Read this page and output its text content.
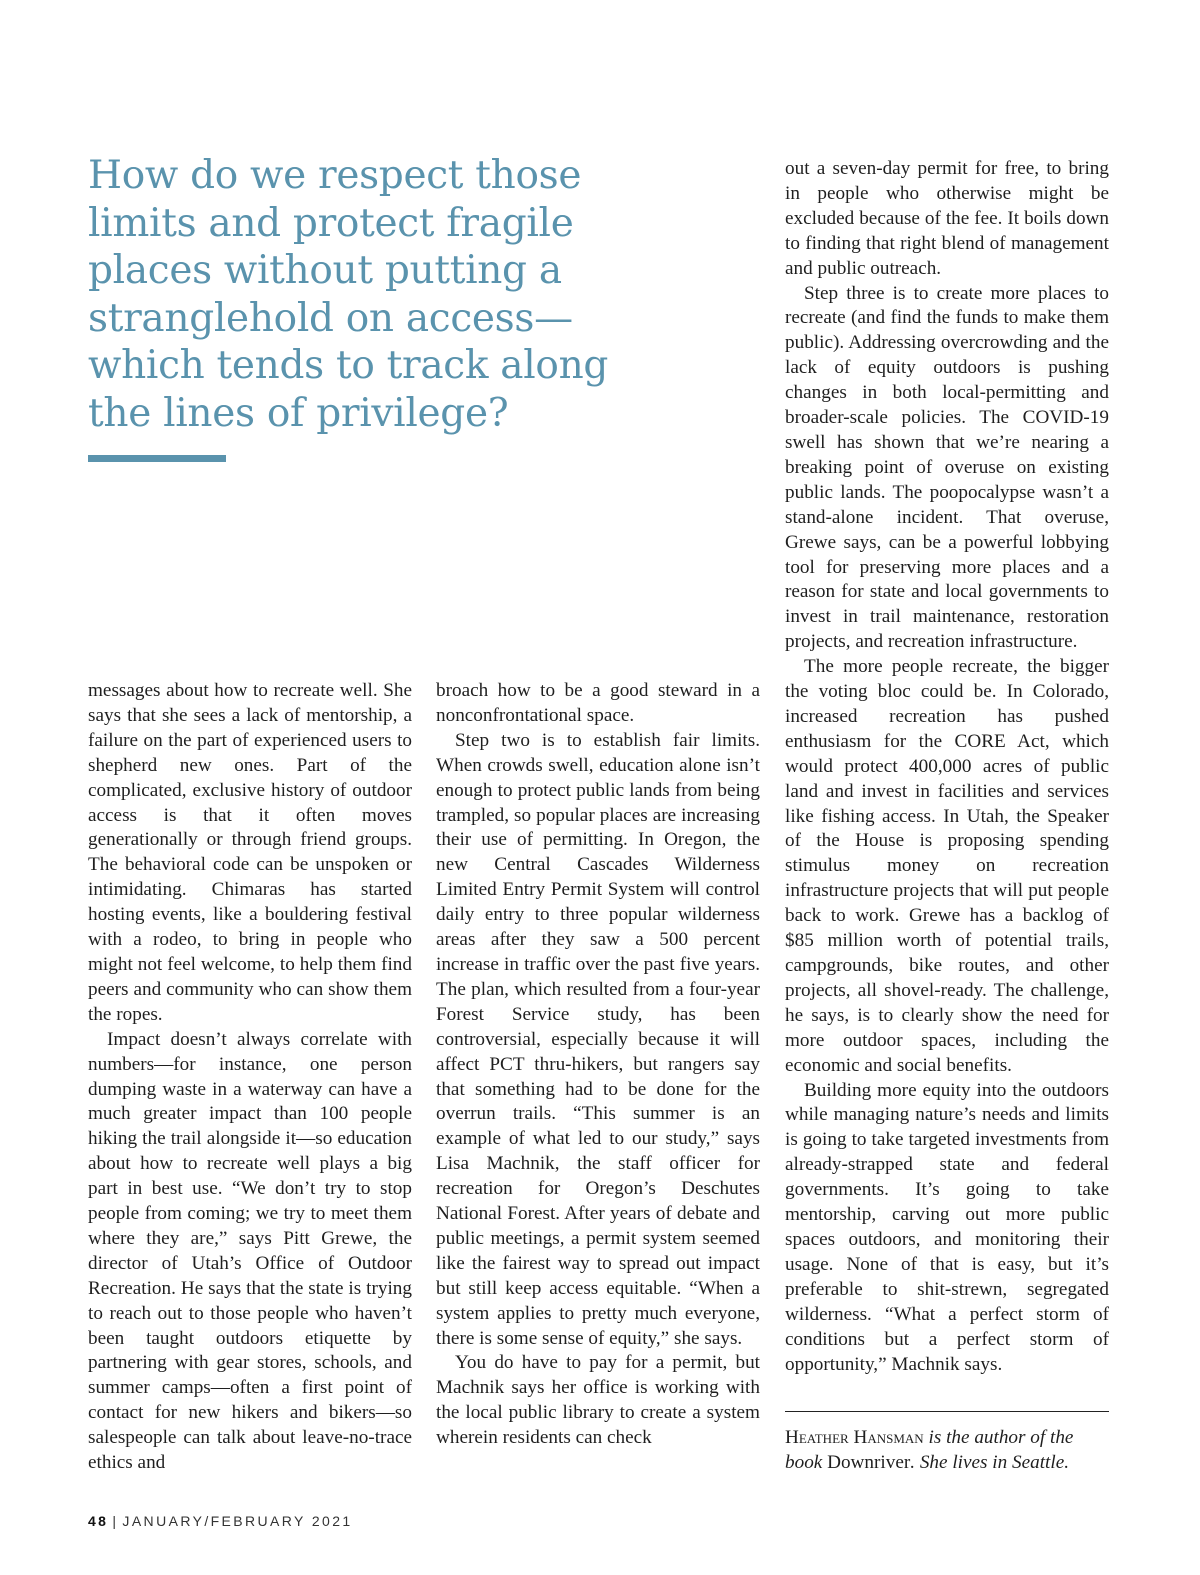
How do we respect those limits and protect fragile places without putting a stranglehold on access—which tends to track along the lines of privilege?

messages about how to recreate well. She says that she sees a lack of mentorship, a failure on the part of experienced users to shepherd new ones. Part of the complicated, exclusive history of outdoor access is that it often moves generationally or through friend groups. The behavioral code can be unspoken or intimidating. Chimaras has started hosting events, like a bouldering festival with a rodeo, to bring in people who might not feel welcome, to help them find peers and community who can show them the ropes.

Impact doesn’t always correlate with numbers—for instance, one person dumping waste in a waterway can have a much greater impact than 100 people hiking the trail alongside it—so education about how to recreate well plays a big part in best use. “We don’t try to stop people from coming; we try to meet them where they are,” says Pitt Grewe, the director of Utah’s Office of Outdoor Recreation. He says that the state is trying to reach out to those people who haven’t been taught outdoors etiquette by partnering with gear stores, schools, and summer camps—often a first point of contact for new hikers and bikers—so salespeople can talk about leave-no-trace ethics and

broach how to be a good steward in a nonconfrontational space.

Step two is to establish fair limits. When crowds swell, education alone isn’t enough to protect public lands from being trampled, so popular places are increasing their use of permitting. In Oregon, the new Central Cascades Wilderness Limited Entry Permit System will control daily entry to three popular wilderness areas after they saw a 500 percent increase in traffic over the past five years. The plan, which resulted from a four-year Forest Service study, has been controversial, especially because it will affect PCT thru-hikers, but rangers say that something had to be done for the overrun trails. “This summer is an example of what led to our study,” says Lisa Machnik, the staff officer for recreation for Oregon’s Deschutes National Forest. After years of debate and public meetings, a permit system seemed like the fairest way to spread out impact but still keep access equitable. “When a system applies to pretty much everyone, there is some sense of equity,” she says.

You do have to pay for a permit, but Machnik says her office is working with the local public library to create a system wherein residents can check

out a seven-day permit for free, to bring in people who otherwise might be excluded because of the fee. It boils down to finding that right blend of management and public outreach.

Step three is to create more places to recreate (and find the funds to make them public). Addressing overcrowding and the lack of equity outdoors is pushing changes in both local-permitting and broader-scale policies. The COVID-19 swell has shown that we’re nearing a breaking point of overuse on existing public lands. The poopocalypse wasn’t a stand-alone incident. That overuse, Grewe says, can be a powerful lobbying tool for preserving more places and a reason for state and local governments to invest in trail maintenance, restoration projects, and recreation infrastructure.

The more people recreate, the bigger the voting bloc could be. In Colorado, increased recreation has pushed enthusiasm for the CORE Act, which would protect 400,000 acres of public land and invest in facilities and services like fishing access. In Utah, the Speaker of the House is proposing spending stimulus money on recreation infrastructure projects that will put people back to work. Grewe has a backlog of $85 million worth of potential trails, campgrounds, bike routes, and other projects, all shovel-ready. The challenge, he says, is to clearly show the need for more outdoor spaces, including the economic and social benefits.

Building more equity into the outdoors while managing nature’s needs and limits is going to take targeted investments from already-strapped state and federal governments. It’s going to take mentorship, carving out more public spaces outdoors, and monitoring their usage. None of that is easy, but it’s preferable to shit-strewn, segregated wilderness. “What a perfect storm of conditions but a perfect storm of opportunity,” Machnik says.

Heather Hansman is the author of the book Downriver. She lives in Seattle.
48 | JANUARY/FEBRUARY 2021
